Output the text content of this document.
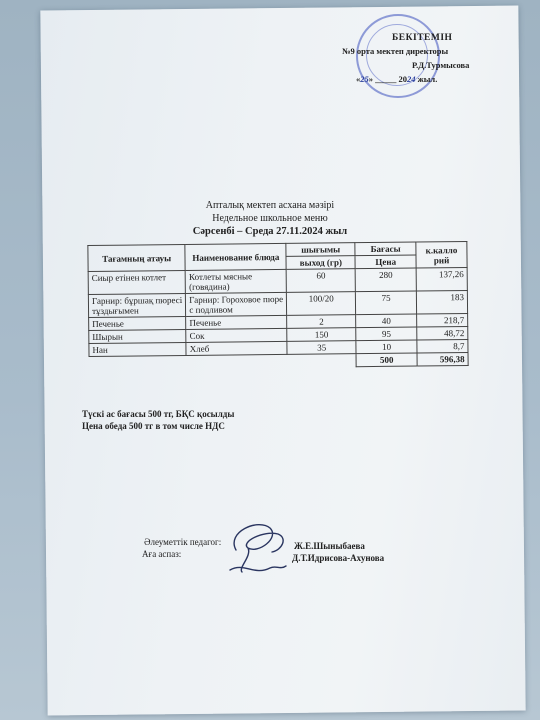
БЕКІТЕМІН
№9 орта мектеп директоры
Р.Д.Турмысова
«25» _____ 2024 жыл.
Апталық мектеп асхана мәзірі
Недельное школьное меню
Сәрсенбі – Среда 27.11.2024 жыл
Тағамның атауы	Наименование блюда	шығымы	Бағасы	к.калло рий
		выход (гр)	Цена	
Сиыр етінен котлет	Котлеты мясные (говядина)	60	280	137,26
Гарнир: бұршақ пюресі тұздығымен	Гарнир: Гороховое пюре с подливом	100/20	75	183
Печенье	Печенье	2	40	218,7
Шырын	Сок	150	95	48,72
Нан	Хлеб	35	10	8,7
			500	596,38
Түскі ас бағасы 500 тг, БҚС қосылды
Цена обеда 500 тг в том числе НДС
Әлеуметтік педагог:
Аға аспаз:
Ж.Е.Шыныбаева
Д.Т.Идрисова-Ахунова
